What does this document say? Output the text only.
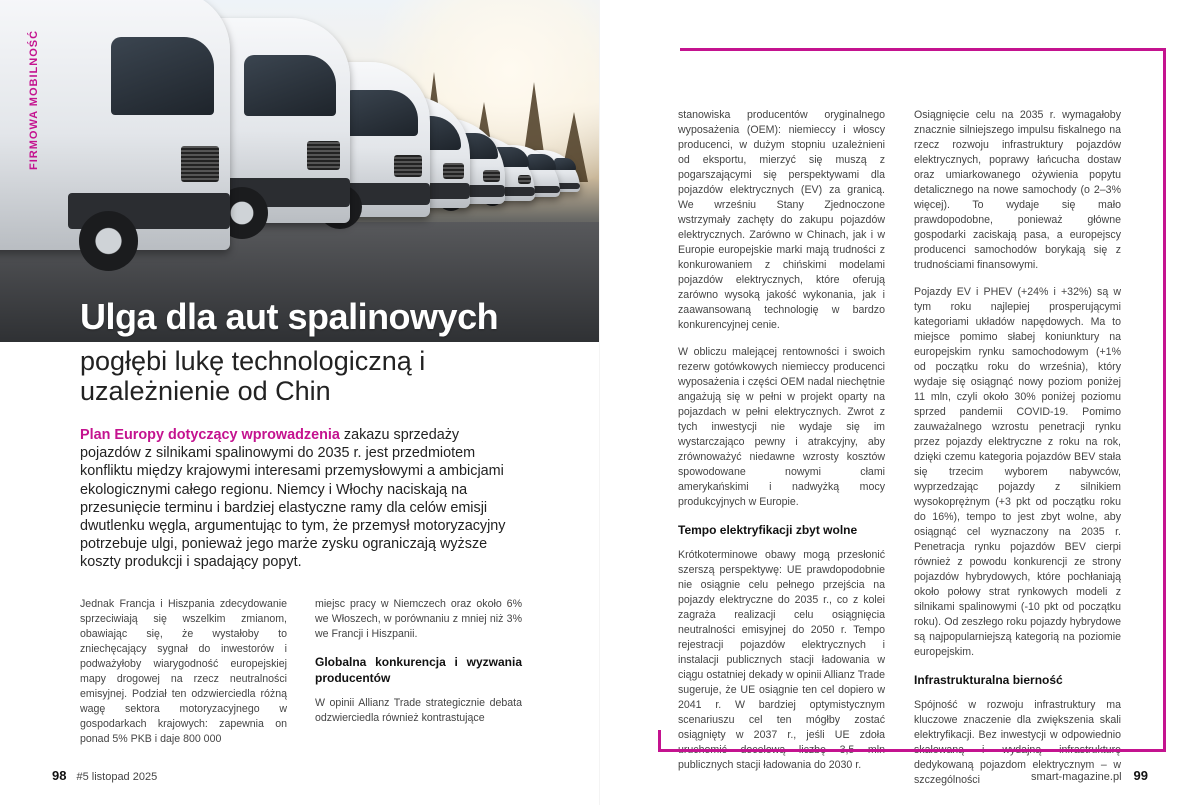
FIRMOWA MOBILNOŚĆ
Ulga dla aut spalinowych
pogłębi lukę technologiczną i uzależnienie od Chin

Plan Europy dotyczący wprowadzenia zakazu sprzedaży pojazdów z silnikami spalinowymi do 2035 r. jest przedmiotem konfliktu między krajowymi interesami przemysłowymi a ambicjami ekologicznymi całego regionu. Niemcy i Włochy naciskają na przesunięcie terminu i bardziej elastyczne ramy dla celów emisji dwutlenku węgla, argumentując to tym, że przemysł motoryzacyjny potrzebuje ulgi, ponieważ jego marże zysku ograniczają wyższe koszty produkcji i spadający popyt.

Jednak Francja i Hiszpania zdecydowanie sprzeciwiają się wszelkim zmianom, obawiając się, że wystałoby to zniechęcający sygnał do inwestorów i podważyłoby wiarygodność europejskiej mapy drogowej na rzecz neutralności emisyjnej. Podział ten odzwierciedla różną wagę sektora motoryzacyjnego w gospodarkach krajowych: zapewnia on ponad 5% PKB i daje 800 000

miejsc pracy w Niemczech oraz około 6% we Włoszech, w porównaniu z mniej niż 3% we Francji i Hiszpanii.

Globalna konkurencja i wyzwania producentów

W opinii Allianz Trade strategicznie debata odzwierciedla również kontrastujące

98 #5 listopad 2025

stanowiska producentów oryginalnego wyposażenia (OEM): niemieccy i włoscy producenci, w dużym stopniu uzależnieni od eksportu, mierzyć się muszą z pogarszającymi się perspektywami dla pojazdów elektrycznych (EV) za granicą. We wrześniu Stany Zjednoczone wstrzymały zachęty do zakupu pojazdów elektrycznych. Zarówno w Chinach, jak i w Europie europejskie marki mają trudności z konkurowaniem z chińskimi modelami pojazdów elektrycznych, które oferują zarówno wysoką jakość wykonania, jak i zaawansowaną technologię w bardzo konkurencyjnej cenie.

W obliczu malejącej rentowności i swoich rezerw gotówkowych niemieccy producenci wyposażenia i części OEM nadal niechętnie angażują się w pełni w projekt oparty na pojazdach w pełni elektrycznych. Zwrot z tych inwestycji nie wydaje się im wystarczająco pewny i atrakcyjny, aby zrównoważyć niedawne wzrosty kosztów spowodowane nowymi cłami amerykańskimi i nadwyżką mocy produkcyjnych w Europie.

Tempo elektryfikacji zbyt wolne

Krótkoterminowe obawy mogą przesłonić szerszą perspektywę: UE prawdopodobnie nie osiągnie celu pełnego przejścia na pojazdy elektryczne do 2035 r., co z kolei zagraża realizacji celu osiągnięcia neutralności emisyjnej do 2050 r. Tempo rejestracji pojazdów elektrycznych i instalacji publicznych stacji ładowania w ciągu ostatniej dekady w opinii Allianz Trade sugeruje, że UE osiągnie ten cel dopiero w 2041 r. W bardziej optymistycznym scenariuszu cel ten mógłby zostać osiągnięty w 2037 r., jeśli UE zdoła publicznych stacji ładowania do 2030 r.

Osiągnięcie celu na 2035 r. wymagałoby znacznie silniejszego impulsu fiskalnego na rzecz rozwoju infrastruktury pojazdów elektrycznych, poprawy łańcucha dostaw oraz umiarkowanego ożywienia popytu detalicznego na nowe samochody (o 2–3% więcej). To wydaje się mało prawdopodobne, ponieważ główne gospodarki zaciskają pasa, a europejscy producenci samochodów borykają się z trudnościami finansowymi.

Pojazdy EV i PHEV (+24% i +32%) są w tym roku najlepiej prosperującymi kategoriami układów napędowych. Ma to miejsce pomimo słabej koniunktury na europejskim rynku samochodowym (+1% od początku roku do września), który wydaje się osiągnąć nowy poziom poniżej 11 mln, czyli około 30% poniżej poziomu sprzed pandemii COVID-19. Pomimo zauważalnego wzrostu penetracji rynku przez pojazdy elektryczne z roku na rok, dzięki czemu kategoria pojazdów BEV stała się trzecim wyborem nabywców, wyprzedzając pojazdy z silnikiem wysokoprężnym (+3 pkt od początku roku do 16%), tempo to jest zbyt wolne, aby osiągnąć cel wyznaczony na 2035 r. Penetracja rynku pojazdów BEV cierpi również z powodu konkurencji ze strony pojazdów hybrydowych, które pochłaniają około połowy strat rynkowych modeli z silnikami spalinowymi (-10 pkt od początku roku). Od zeszłego roku pojazdy hybrydowe są najpopularniejszą kategorią na poziomie europejskim.

Infrastrukturalna bierność

Spójność w rozwoju infrastruktury ma kluczowe znaczenie dla zwiększenia skali elektryfikacji. Bez inwestycji w odpowiednio dedykowaną pojazdom elektrycznym – w szczególności	smart-magazine.pl 99
